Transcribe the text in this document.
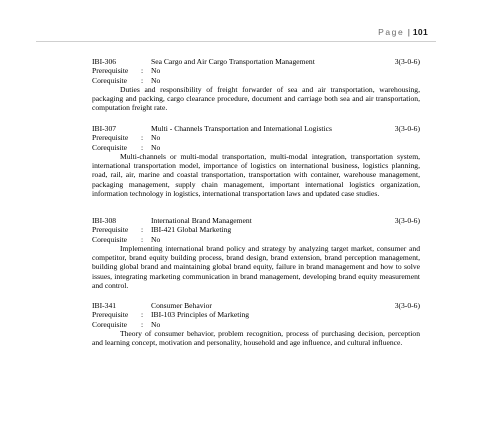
Page | 101
IBI-306	Sea Cargo and Air Cargo Transportation Management	3(3-0-6)
Prerequisite : No
Corequisite : No

Duties and responsibility of freight forwarder of sea and air transportation, warehousing, packaging and packing, cargo clearance procedure, document and carriage both sea and air transportation, computation freight rate.

IBI-307	Multi - Channels Transportation and International Logistics	3(3-0-6)
Prerequisite : No
Corequisite : No

Multi-channels or multi-modal transportation, multi-modal integration, transportation system, international transportation model, importance of logistics on international business, logistics planning, road, rail, air, marine and coastal transportation, transportation with container, warehouse management, packaging management, supply chain management, important international logistics organization, information technology in logistics, international transportation laws and updated case studies.

IBI-308	International Brand Management	3(3-0-6)
Prerequisite : IBI-421 Global Marketing
Corequisite : No

Implementing international brand policy and strategy by analyzing target market, consumer and competitor, brand equity building process, brand design, brand extension, brand perception management, building global brand and maintaining global brand equity, failure in brand management and how to solve issues, integrating marketing communication in brand management, developing brand equity measurement and control.

IBI-341	Consumer Behavior	3(3-0-6)
Prerequisite : IBI-103 Principles of Marketing
Corequisite : No

Theory of consumer behavior, problem recognition, process of purchasing decision, perception and learning concept, motivation and personality, household and age influence, and cultural influence.
